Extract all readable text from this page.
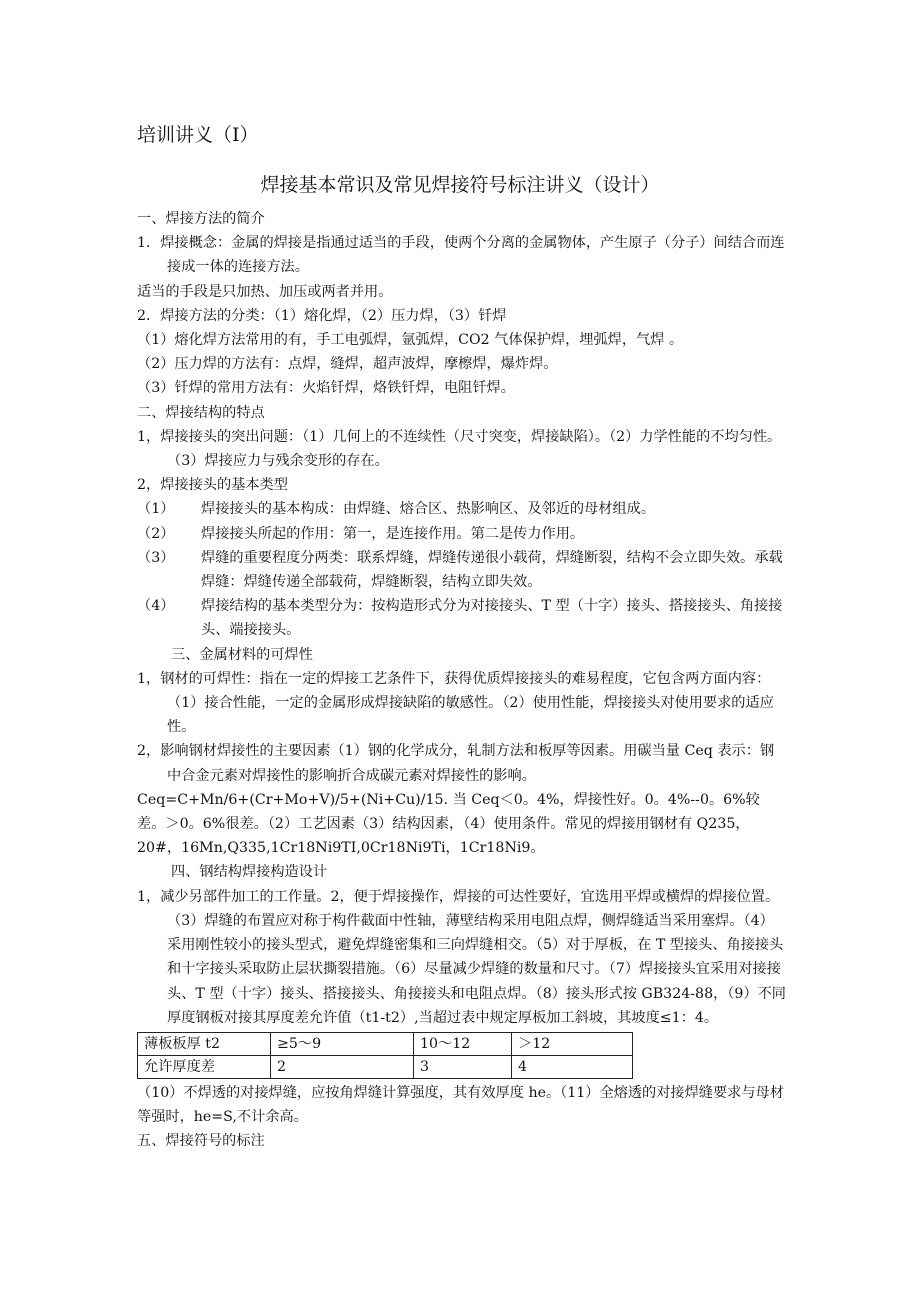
培训讲义（Ⅰ）
焊接基本常识及常见焊接符号标注讲义（设计）

一、焊接方法的简介

1．焊接概念：金属的焊接是指通过适当的手段，使两个分离的金属物体，产生原子（分子）间结合而连接成一体的连接方法。

适当的手段是只加热、加压或两者并用。

2．焊接方法的分类：（1）熔化焊，（2）压力焊，（3）钎焊

（1）熔化焊方法常用的有，手工电弧焊，氩弧焊，CO2 气体保护焊，埋弧焊，气焊 。

（2）压力焊的方法有：点焊，缝焊，超声波焊，摩檫焊，爆炸焊。

（3）钎焊的常用方法有：火焰钎焊，烙铁钎焊，电阻钎焊。

二、焊接结构的特点

1，焊接接头的突出问题：（1）几何上的不连续性（尺寸突变，焊接缺陷）。（2）力学性能的不均匀性。（3）焊接应力与残余变形的存在。

2，焊接接头的基本类型

（1）	焊接接头的基本构成：由焊缝、熔合区、热影响区、及邻近的母材组成。
（2）	焊接接头所起的作用：第一，是连接作用。第二是传力作用。
（3）	焊缝的重要程度分两类：联系焊缝，焊缝传递很小载荷，焊缝断裂，结构不会立即失效。承载焊缝：焊缝传递全部载荷，焊缝断裂，结构立即失效。
（4）	焊接结构的基本类型分为：按构造形式分为对接接头、T 型（十字）接头、搭接接头、角接接头、端接接头。

三、金属材料的可焊性

1，钢材的可焊性：指在一定的焊接工艺条件下，获得优质焊接接头的难易程度，它包含两方面内容：（1）接合性能，一定的金属形成焊接缺陷的敏感性。（2）使用性能，焊接接头对使用要求的适应性。

2，影响钢材焊接性的主要因素（1）钢的化学成分，轧制方法和板厚等因素。用碳当量 Ceq 表示：钢中合金元素对焊接性的影响折合成碳元素对焊接性的影响。

Ceq=C+Mn/6+(Cr+Mo+V)/5+(Ni+Cu)/15. 当 Ceq＜0。4%，焊接性好。0。4%--0。6%较差。＞0。6%很差。（2）工艺因素（3）结构因素，（4）使用条件。常见的焊接用钢材有 Q235，20#，16Mn,Q335,1Cr18Ni9TI,0Cr18Ni9Ti，1Cr18Ni9。

四、钢结构焊接构造设计

1，减少另部件加工的工作量。2，便于焊接操作，焊接的可达性要好，宜选用平焊或横焊的焊接位置。（3）焊缝的布置应对称于构件截面中性轴，薄壁结构采用电阻点焊，侧焊缝适当采用塞焊。（4）采用刚性较小的接头型式，避免焊缝密集和三向焊缝相交。（5）对于厚板，在 T 型接头、角接接头和十字接头采取防止层状撕裂措施。（6）尽量减少焊缝的数量和尺寸。（7）焊接接头宜采用对接接头、T 型（十字）接头、搭接接头、角接接头和电阻点焊。（8）接头形式按 GB324-88，（9）不同厚度钢板对接其厚度差允许值（t1-t2）,当超过表中规定厚板加工斜坡，其坡度≤1：4。

薄板板厚 t2	≥5～9	10～12	＞12
允许厚度差	2	3	4

（10）不焊透的对接焊缝，应按角焊缝计算强度，其有效厚度 he。（11）全熔透的对接焊缝要求与母材等强时，he=S,不计余高。

五、焊接符号的标注
